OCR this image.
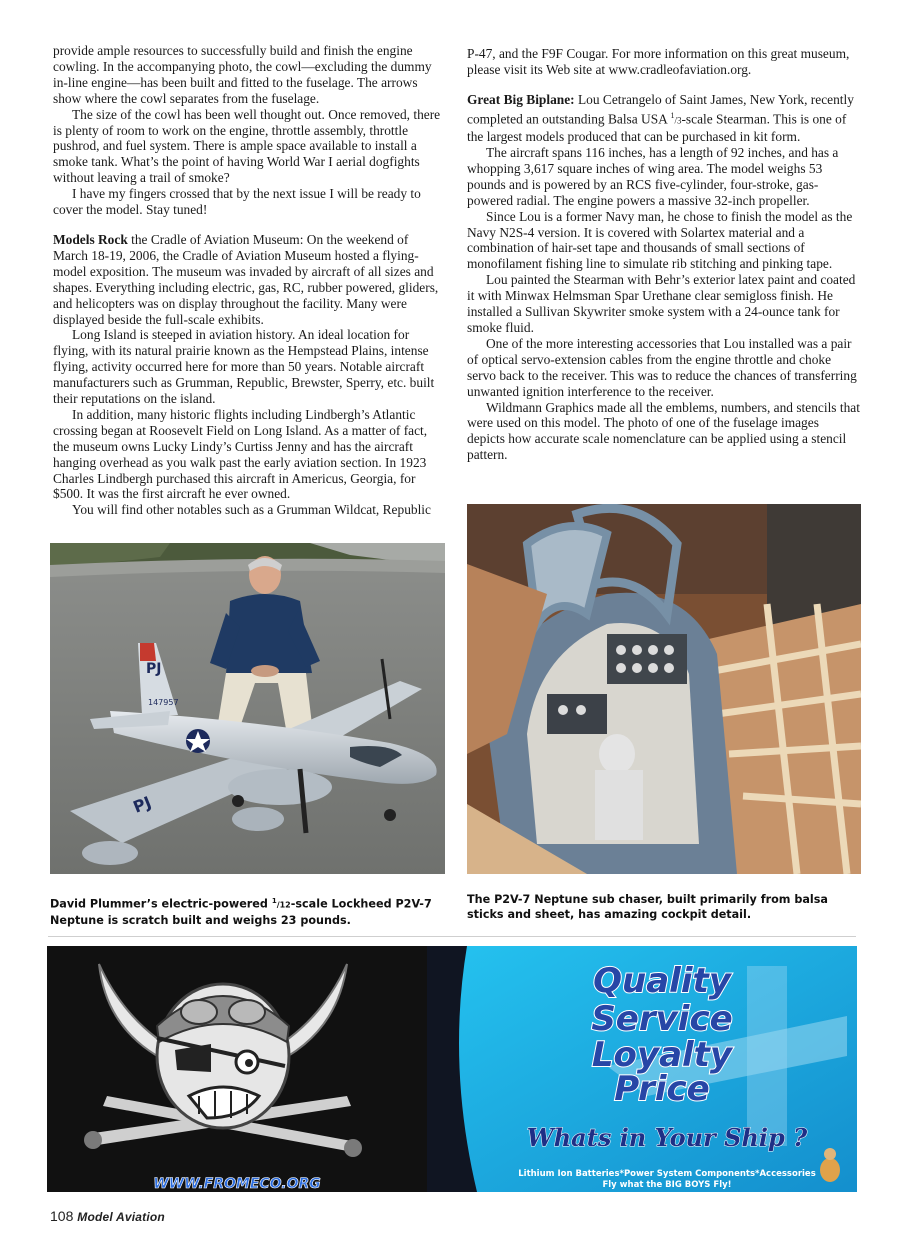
provide ample resources to successfully build and finish the engine cowling. In the accompanying photo, the cowl—excluding the dummy in-line engine—has been built and fitted to the fuselage. The arrows show where the cowl separates from the fuselage.

The size of the cowl has been well thought out. Once removed, there is plenty of room to work on the engine, throttle assembly, throttle pushrod, and fuel system. There is ample space available to install a smoke tank. What’s the point of having World War I aerial dogfights without leaving a trail of smoke?

I have my fingers crossed that by the next issue I will be ready to cover the model. Stay tuned!

Models Rock the Cradle of Aviation Museum: On the weekend of March 18-19, 2006, the Cradle of Aviation Museum hosted a flying-model exposition. The museum was invaded by aircraft of all sizes and shapes. Everything including electric, gas, RC, rubber powered, gliders, and helicopters was on display throughout the facility. Many were displayed beside the full-scale exhibits.

Long Island is steeped in aviation history. An ideal location for flying, with its natural prairie known as the Hempstead Plains, intense flying, activity occurred here for more than 50 years. Notable aircraft manufacturers such as Grumman, Republic, Brewster, Sperry, etc. built their reputations on the island.

In addition, many historic flights including Lindbergh’s Atlantic crossing began at Roosevelt Field on Long Island. As a matter of fact, the museum owns Lucky Lindy’s Curtiss Jenny and has the aircraft hanging overhead as you walk past the early aviation section. In 1923 Charles Lindbergh purchased this aircraft in Americus, Georgia, for $500. It was the first aircraft he ever owned.

You will find other notables such as a Grumman Wildcat, Republic

P-47, and the F9F Cougar. For more information on this great museum, please visit its Web site at www.cradleofaviation.org.

Great Big Biplane: Lou Cetrangelo of Saint James, New York, recently completed an outstanding Balsa USA $^1$/3-scale Stearman. This is one of the largest models produced that can be purchased in kit form.

The aircraft spans 116 inches, has a length of 92 inches, and has a whopping 3,617 square inches of wing area. The model weighs 53 pounds and is powered by an RCS five-cylinder, four-stroke, gas-powered radial. The engine powers a massive 32-inch propeller.

Since Lou is a former Navy man, he chose to finish the model as the Navy N2S-4 version. It is covered with Solartex material and a combination of hair-set tape and thousands of small sections of monofilament fishing line to simulate rib stitching and pinking tape.

Lou painted the Stearman with Behr’s exterior latex paint and coated it with Minwax Helmsman Spar Urethane clear semigloss finish. He installed a Sullivan Skywriter smoke system with a 24-ounce tank for smoke fluid.

One of the more interesting accessories that Lou installed was a pair of optical servo-extension cables from the engine throttle and choke servo back to the receiver. This was to reduce the chances of transferring unwanted ignition interference to the receiver.

Wildmann Graphics made all the emblems, numbers, and stencils that were used on this model. The photo of one of the fuselage images depicts how accurate scale nomenclature can be applied using a stencil pattern.

PJ
147957
PJ
David Plummer’s electric-powered $^1$/12-scale Lockheed P2V-7 Neptune is scratch built and weighs 23 pounds.
The P2V-7 Neptune sub chaser, built primarily from balsa sticks and sheet, has amazing cockpit detail.
WWW.FROMECO.ORG
Quality
Service
Loyalty
Price
Whats in Your Ship ?
Lithium Ion Batteries*Power System Components*Accessories
Fly what the BIG BOYS Fly!
108 Model Aviation
